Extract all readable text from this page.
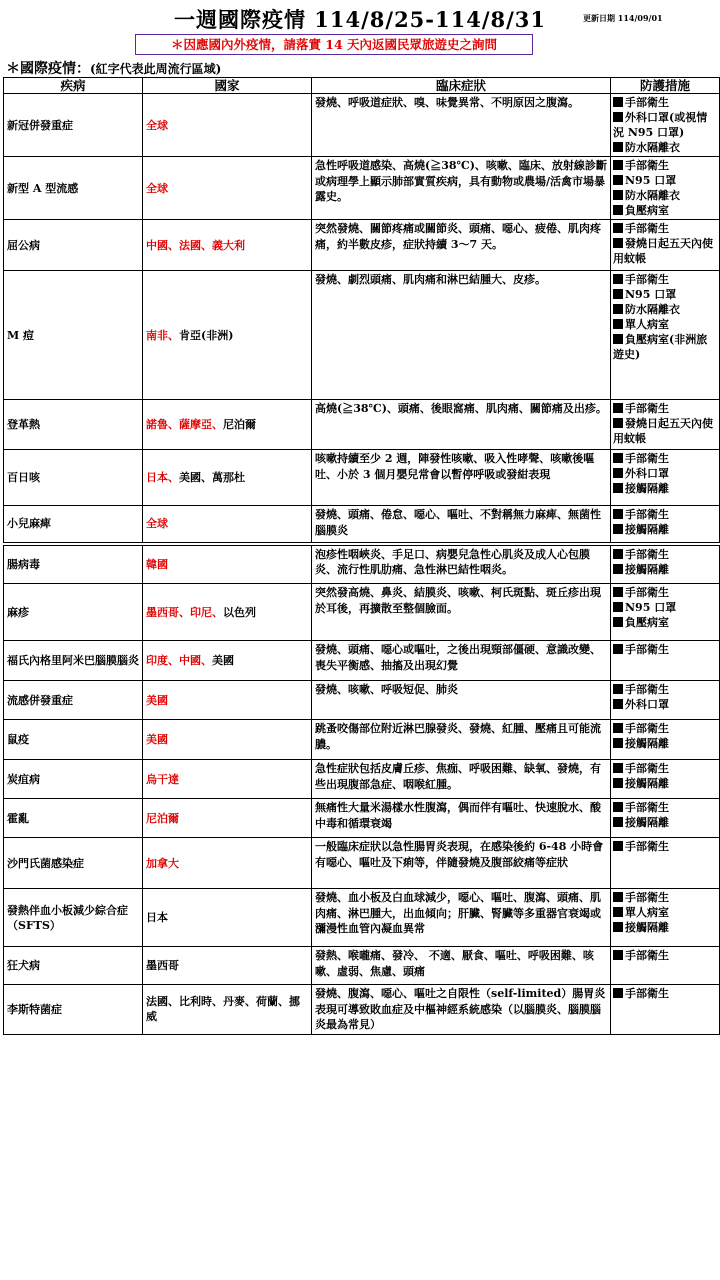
一週國際疫情 114/8/25-114/8/31	更新日期 114/09/01
＊因應國內外疫情，請落實 14 天內返國民眾旅遊史之詢問
＊國際疫情：(紅字代表此周流行區域)
疾病	國家	臨床症狀	防護措施
新冠併發重症	全球	發燒、呼吸道症狀、嗅、味覺異常、不明原因之腹瀉。	手部衛生
外科口罩(或視情況 N95 口罩)
防水隔離衣

新型 A 型流感	全球	急性呼吸道感染、高燒(≧38℃)、咳嗽、臨床、放射線診斷或病理學上顯示肺部實質疾病，具有動物或農場/活禽市場暴露史。	手部衛生
N95 口罩
防水隔離衣
負壓病室

屈公病	中國、法國、義大利	突然發燒、關節疼痛或關節炎、頭痛、噁心、疲倦、肌肉疼痛，約半數皮疹，症狀持續 3～7 天。	手部衛生
發燒日起五天內使用蚊帳

M 痘	南非、肯亞(非洲)	發燒、劇烈頭痛、肌肉痛和淋巴結腫大、皮疹。	手部衛生
N95 口罩
防水隔離衣
單人病室
負壓病室(非洲旅遊史)

登革熱	諾魯、薩摩亞、尼泊爾	高燒(≧38℃)、頭痛、後眼窩痛、肌肉痛、關節痛及出疹。	手部衛生
發燒日起五天內使用蚊帳

百日咳	日本、美國、萬那杜	咳嗽持續至少 2 週，陣發性咳嗽、吸入性哮聲、咳嗽後嘔吐、小於 3 個月嬰兒常會以暫停呼吸或發紺表現	手部衛生
外科口罩
接觸隔離

小兒麻痺	全球	發燒、頭痛、倦怠、噁心、嘔吐、不對稱無力麻痺、無菌性腦膜炎	手部衛生
接觸隔離

腸病毒	韓國	泡疹性咽峽炎、手足口、病嬰兒急性心肌炎及成人心包膜炎、流行性肌肋痛、急性淋巴結性咽炎。	手部衛生
接觸隔離

麻疹	墨西哥、印尼、以色列	突然發高燒、鼻炎、結膜炎、咳嗽、柯氏斑點、斑丘疹出現於耳後，再擴散至整個臉面。	手部衛生
N95 口罩
負壓病室

福氏內格里阿米巴腦膜腦炎	印度、中國、美國	發燒、頭痛、噁心或嘔吐，之後出現頸部僵硬、意識改變、喪失平衡感、抽搐及出現幻覺	手部衛生

流感併發重症	美國	發燒、咳嗽、呼吸短促、肺炎	手部衛生
外科口罩

鼠疫	美國	跳蚤咬傷部位附近淋巴腺發炎、發燒、紅腫、壓痛且可能流膿。	手部衛生
接觸隔離

炭疽病	烏干達	急性症狀包括皮膚丘疹、焦痂、呼吸困難、缺氧、發燒，有些出現腹部急症、咽喉紅腫。	手部衛生
接觸隔離

霍亂	尼泊爾	無痛性大量米湯樣水性腹瀉，偶而伴有嘔吐、快速脫水、酸中毒和循環衰竭	手部衛生
接觸隔離

沙門氏菌感染症	加拿大	一般臨床症狀以急性腸胃炎表現，在感染後約 6-48 小時會有噁心、嘔吐及下痢等，伴隨發燒及腹部絞痛等症狀	手部衛生

發熱伴血小板減少綜合症（SFTS）	日本	發燒、血小板及白血球減少，噁心、嘔吐、腹瀉、頭痛、肌肉痛、淋巴腫大，出血傾向；肝臟、腎臟等多重器官衰竭或瀰漫性血管內凝血異常	手部衛生
單人病室
接觸隔離

狂犬病	墨西哥	發熱、喉嚨痛、發冷、 不適、厭食、嘔吐、呼吸困難、咳嗽、虛弱、焦慮、頭痛	手部衛生

李斯特菌症	法國、比利時、丹麥、荷蘭、挪威	發燒、腹瀉、噁心、嘔吐之自限性（self-limited）腸胃炎表現可導致敗血症及中樞神經系統感染（以腦膜炎、腦膜腦炎最為常見）	手部衛生
